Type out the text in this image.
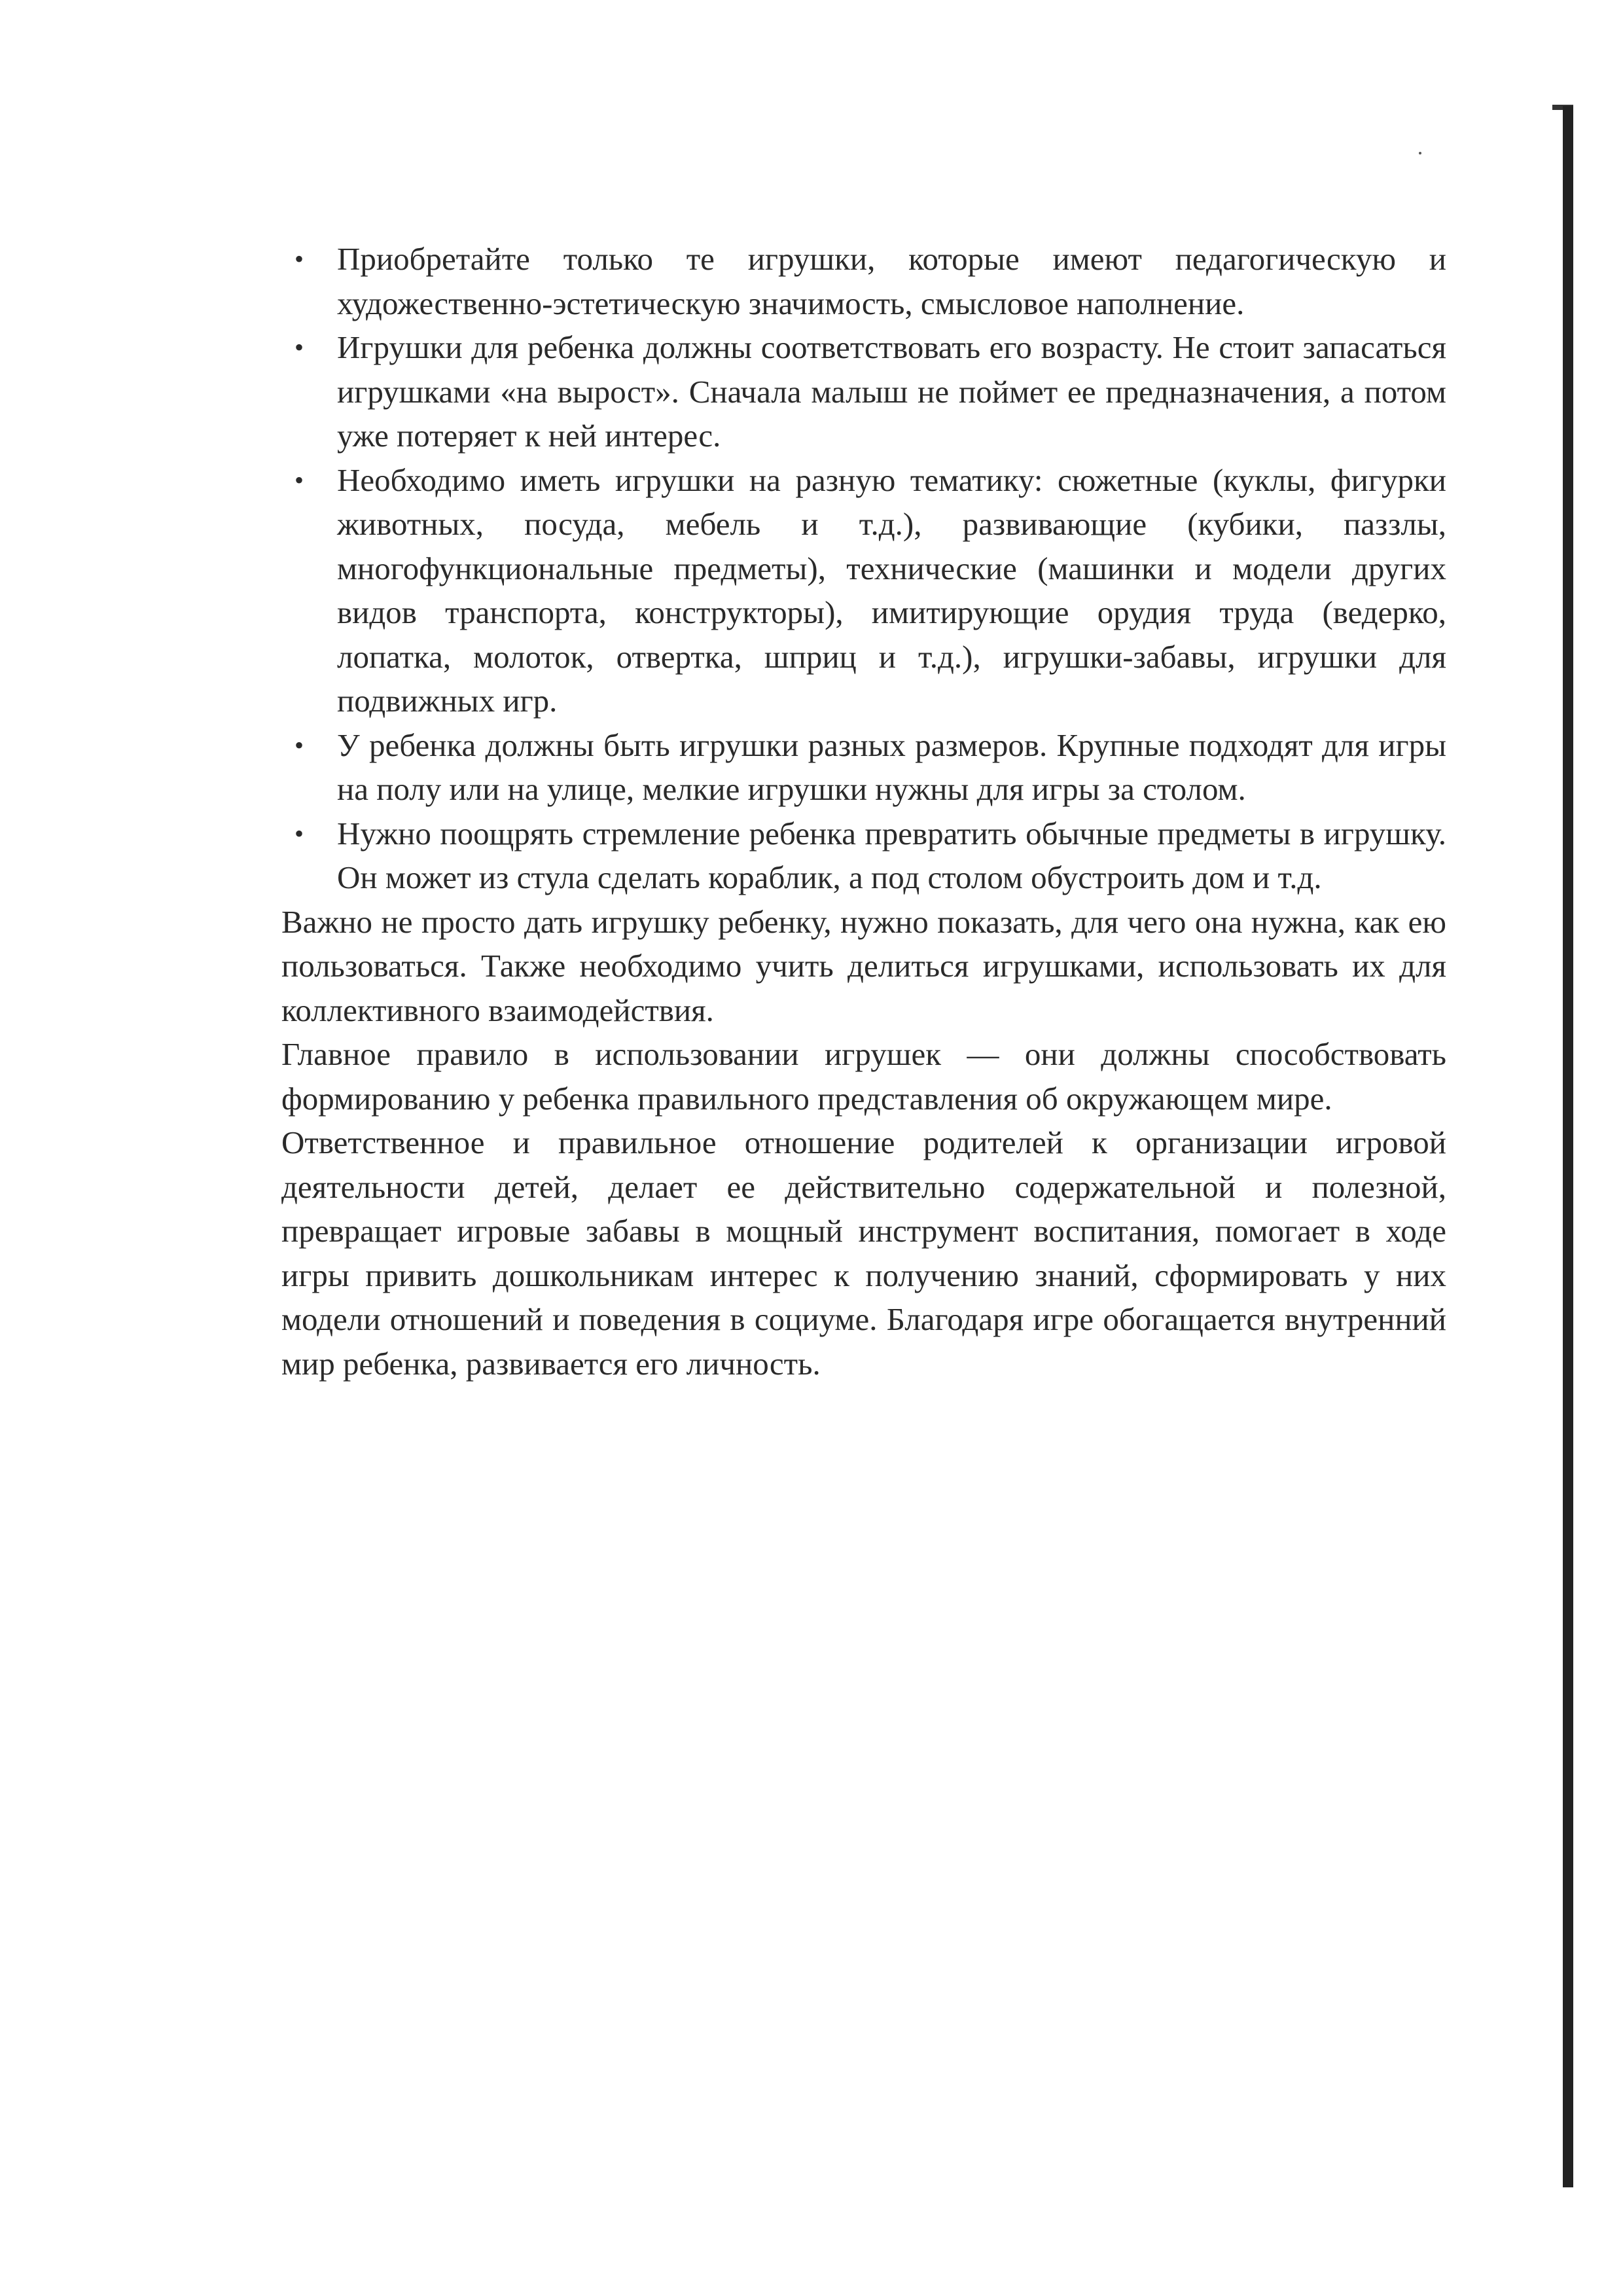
• Приобретайте только те игрушки, которые имеют педагогическую и художественно-эстетическую значимость, смысловое наполнение.
• Игрушки для ребенка должны соответствовать его возрасту. Не стоит запасаться игрушками «на вырост». Сначала малыш не поймет ее предназначения, а потом уже потеряет к ней интерес.
• Необходимо иметь игрушки на разную тематику: сюжетные (куклы, фигурки животных, посуда, мебель и т.д.), развивающие (кубики, паззлы, многофункциональные предметы), технические (машинки и модели других видов транспорта, конструкторы), имитирующие орудия труда (ведерко, лопатка, молоток, отвертка, шприц и т.д.), игрушки-забавы, игрушки для подвижных игр.
• У ребенка должны быть игрушки разных размеров. Крупные подходят для игры на полу или на улице, мелкие игрушки нужны для игры за столом.
• Нужно поощрять стремление ребенка превратить обычные предметы в игрушку. Он может из стула сделать кораблик, а под столом обустроить дом и т.д.

Важно не просто дать игрушку ребенку, нужно показать, для чего она нужна, как ею пользоваться. Также необходимо учить делиться игрушками, использовать их для коллективного взаимодействия.

Главное правило в использовании игрушек — они должны способствовать формированию у ребенка правильного представления об окружающем мире.

Ответственное и правильное отношение родителей к организации игровой деятельности детей, делает ее действительно содержательной и полезной, превращает игровые забавы в мощный инструмент воспитания, помогает в ходе игры привить дошкольникам интерес к получению знаний, сформировать у них модели отношений и поведения в социуме. Благодаря игре обогащается внутренний мир ребенка, развивается его личность.
